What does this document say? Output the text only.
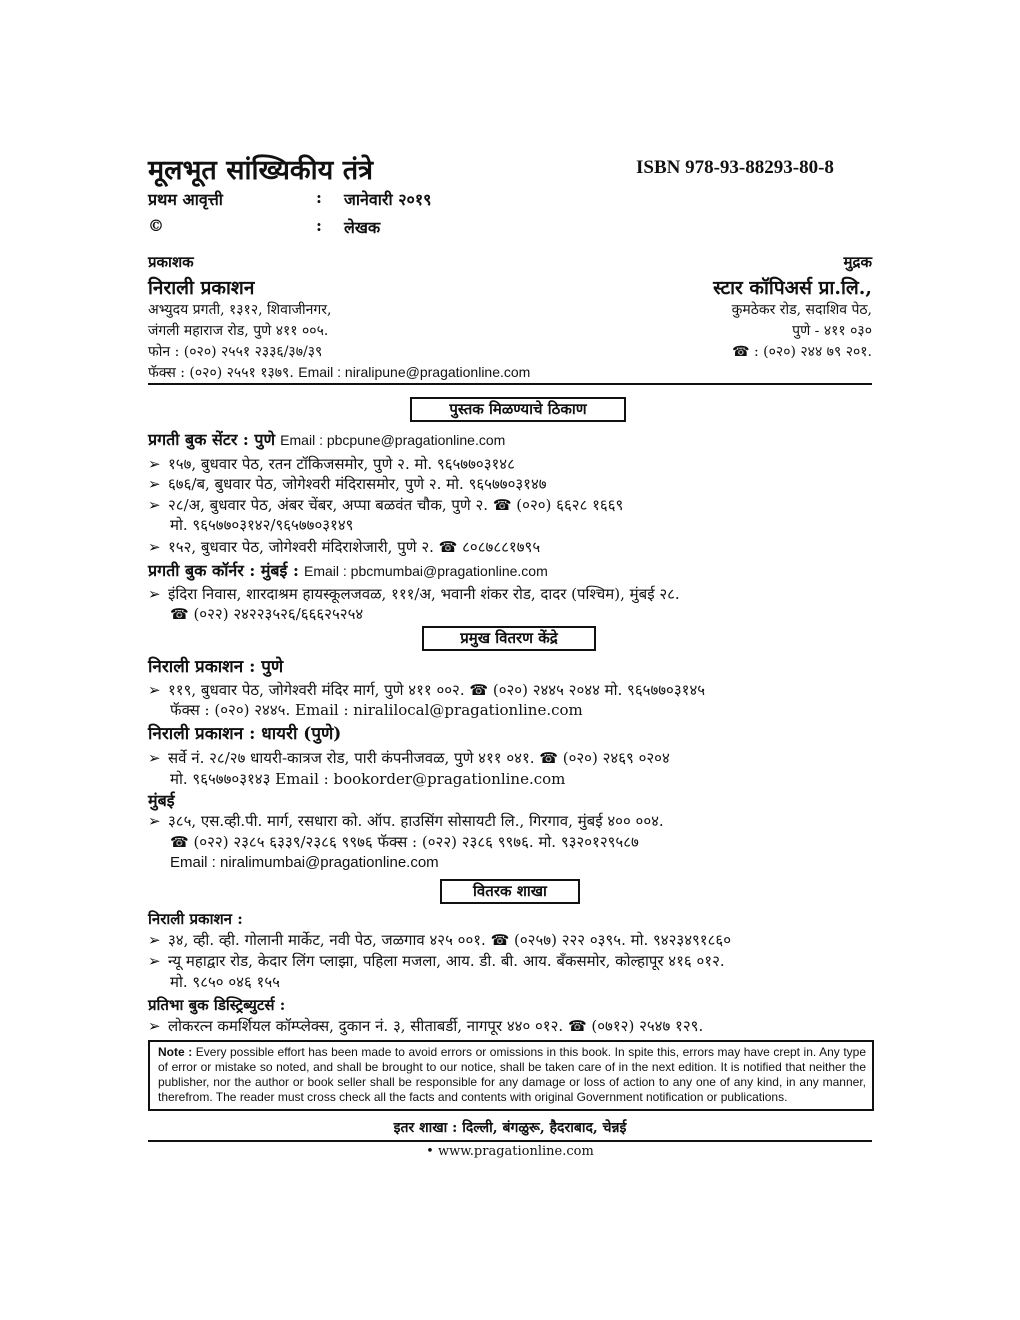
मूलभूत सांख्यिकीय तंत्रे	ISBN 978-93-88293-80-8
प्रथम आवृत्ती	: जानेवारी २०१९
©	: लेखक
प्रकाशक
निराली प्रकाशन
अभ्युदय प्रगती, १३१२, शिवाजीनगर,
जंगली महाराज रोड, पुणे ४११ ००५.
फोन : (०२०) २५५१ २३३६/३७/३९
फॅक्स : (०२०) २५५१ १३७९. Email : niralipune@pragationline.com
मुद्रक
स्टार कॉपिअर्स प्रा.लि.,
कुमठेकर रोड, सदाशिव पेठ,
पुणे - ४११ ०३०
☎ : (०२०) २४४ ७९ २०१.
पुस्तक मिळण्याचे ठिकाण
प्रगती बुक सेंटर : पुणे Email : pbcpune@pragationline.com
➢ १५७, बुधवार पेठ, रतन टॉकिजसमोर, पुणे २. मो. ९६५७७०३१४८
➢ ६७६/ब, बुधवार पेठ, जोगेश्वरी मंदिरासमोर, पुणे २. मो. ९६५७७०३१४७
➢ २८/अ, बुधवार पेठ, अंबर चेंबर, अप्पा बळवंत चौक, पुणे २. ☎ (०२०) ६६२८ १६६९
मो. ९६५७७०३१४२/९६५७७०३१४९
➢ १५२, बुधवार पेठ, जोगेश्वरी मंदिराशेजारी, पुणे २. ☎ ८०८७८८१७९५
प्रगती बुक कॉर्नर : मुंबई : Email : pbcmumbai@pragationline.com
➢ इंदिरा निवास, शारदाश्रम हायस्कूलजवळ, १११/अ, भवानी शंकर रोड, दादर (पश्चिम), मुंबई २८.
☎ (०२२) २४२२३५२६/६६६२५२५४
प्रमुख वितरण केंद्रे
निराली प्रकाशन : पुणे
➢ ११९, बुधवार पेठ, जोगेश्वरी मंदिर मार्ग, पुणे ४११ ००२. ☎ (०२०) २४४५ २०४४ मो. ९६५७७०३१४५
फॅक्स : (०२०) २४४५. Email : niralilocal@pragationline.com
निराली प्रकाशन : धायरी (पुणे)
➢ सर्वे नं. २८/२७ धायरी-कात्रज रोड, पारी कंपनीजवळ, पुणे ४११ ०४१. ☎ (०२०) २४६९ ०२०४
मो. ९६५७७०३१४३ Email : bookorder@pragationline.com
मुंबई
➢ ३८५, एस.व्ही.पी. मार्ग, रसधारा को. ऑप. हाउसिंग सोसायटी लि., गिरगाव, मुंबई ४०० ००४.
☎ (०२२) २३८५ ६३३९/२३८६ ९९७६ फॅक्स : (०२२) २३८६ ९९७६. मो. ९३२०१२९५८७
Email : niralimumbai@pragationline.com
वितरक शाखा
निराली प्रकाशन :
➢ ३४, व्ही. व्ही. गोलानी मार्केट, नवी पेठ, जळगाव ४२५ ००१. ☎ (०२५७) २२२ ०३९५. मो. ९४२३४९१८६०
➢ न्यू महाद्वार रोड, केदार लिंग प्लाझा, पहिला मजला, आय. डी. बी. आय. बँकसमोर, कोल्हापूर ४१६ ०१२.
मो. ९८५० ०४६ १५५
प्रतिभा बुक डिस्ट्रिब्युटर्स :
➢ लोकरत्न कमर्शियल कॉम्प्लेक्स, दुकान नं. ३, सीताबर्डी, नागपूर ४४० ०१२. ☎ (०७१२) २५४७ १२९.
Note : Every possible effort has been made to avoid errors or omissions in this book. In spite this, errors may have crept in. Any type of error or mistake so noted, and shall be brought to our notice, shall be taken care of in the next edition. It is notified that neither the publisher, nor the author or book seller shall be responsible for any damage or loss of action to any one of any kind, in any manner, therefrom. The reader must cross check all the facts and contents with original Government notification or publications.
इतर शाखा : दिल्ली, बंगळुरू, हैदराबाद, चेन्नई
• www.pragationline.com
